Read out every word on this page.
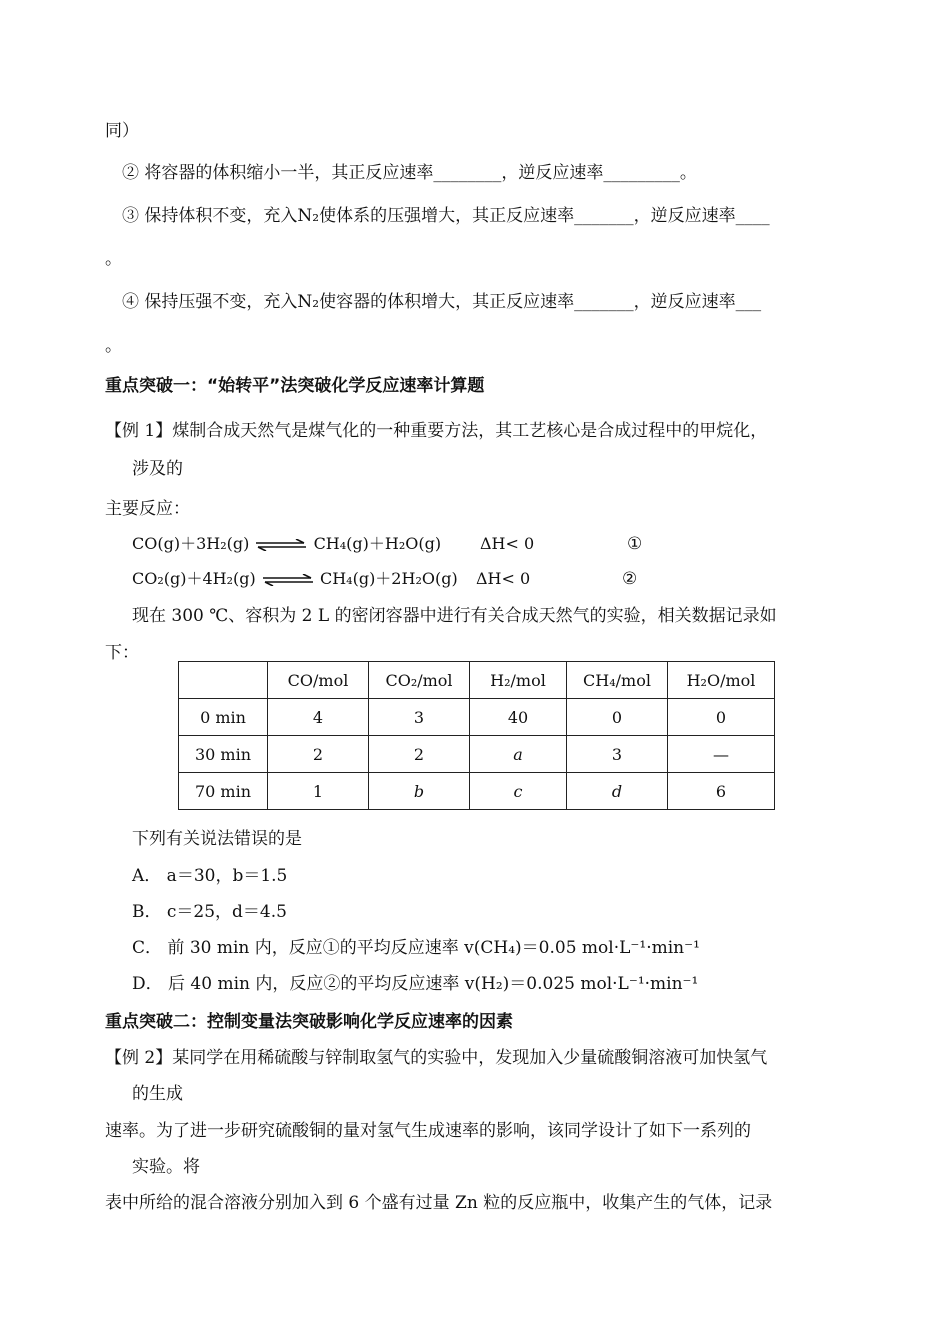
同）
② 将容器的体积缩小一半，其正反应速率________，逆反应速率_________。
③ 保持体积不变，充入N₂使体系的压强增大，其正反应速率_______，逆反应速率____
。
④ 保持压强不变，充入N₂使容器的体积增大，其正反应速率_______，逆反应速率___
。
重点突破一：“始转平”法突破化学反应速率计算题
【例 1】煤制合成天然气是煤气化的一种重要方法，其工艺核心是合成过程中的甲烷化，
涉及的
主要反应：
CO(g)＋3H₂(g) ⇌ CH₄(g)＋H₂O(g) ΔH< 0	①
CO₂(g)＋4H₂(g) ⇌ CH₄(g)＋2H₂O(g) ΔH< 0	②
现在 300 ℃、容积为 2 L 的密闭容器中进行有关合成天然气的实验，相关数据记录如
下：
	CO/mol	CO₂/mol	H₂/mol	CH₄/mol	H₂O/mol
0 min	4	3	40	0	0
30 min	2	2	a	3	—
70 min	1	b	c	d	6
下列有关说法错误的是
A． a＝30，b＝1.5
B． c＝25，d＝4.5
C． 前 30 min 内，反应①的平均反应速率 v(CH₄)＝0.05 mol·L⁻¹·min⁻¹
D． 后 40 min 内，反应②的平均反应速率 v(H₂)＝0.025 mol·L⁻¹·min⁻¹
重点突破二：控制变量法突破影响化学反应速率的因素
【例 2】某同学在用稀硫酸与锌制取氢气的实验中，发现加入少量硫酸铜溶液可加快氢气
的生成
速率。为了进一步研究硫酸铜的量对氢气生成速率的影响，该同学设计了如下一系列的
实验。将
表中所给的混合溶液分别加入到 6 个盛有过量 Zn 粒的反应瓶中，收集产生的气体，记录
